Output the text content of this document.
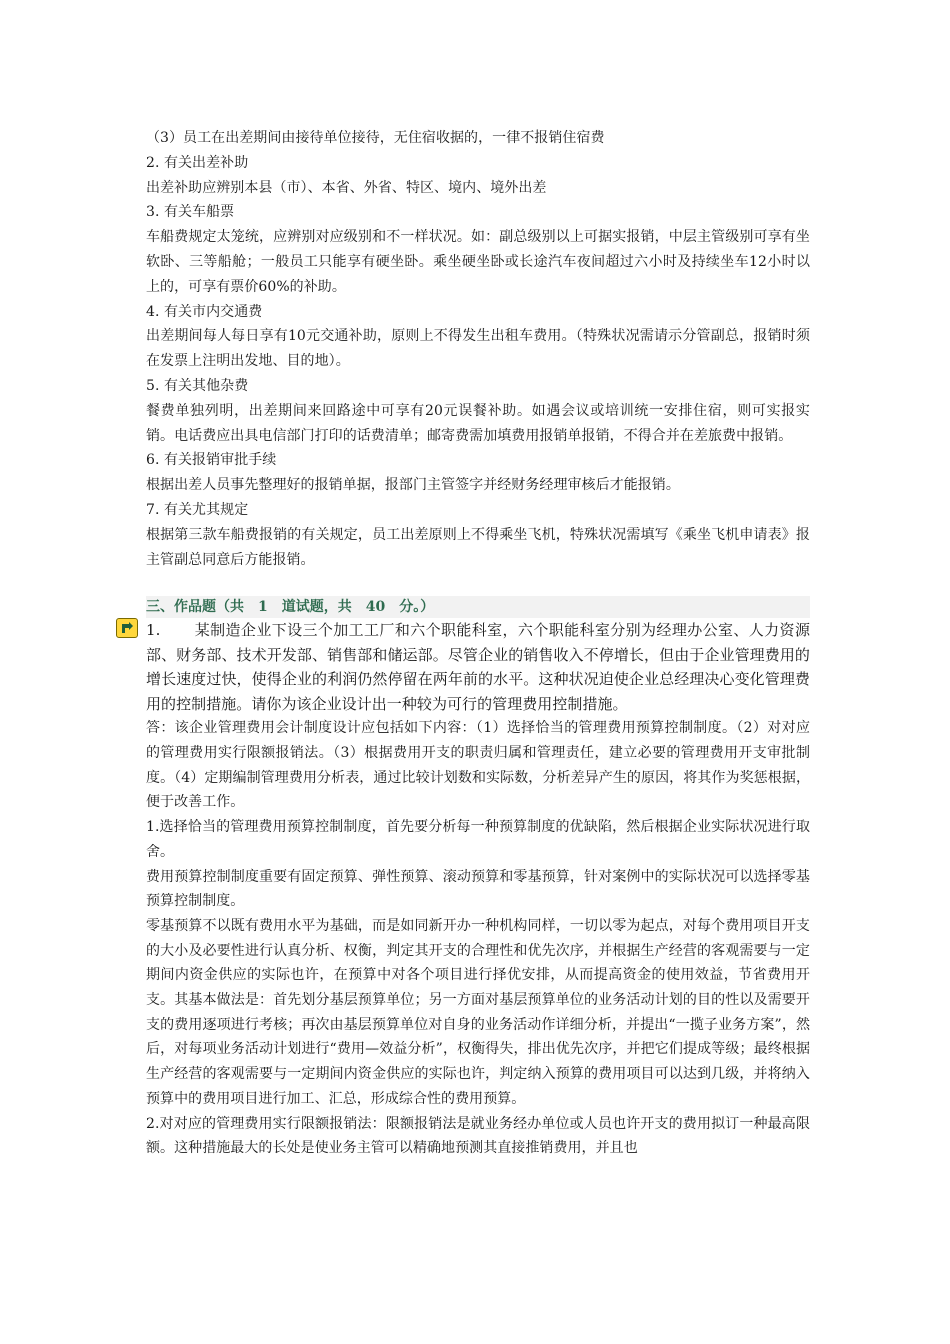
（3）员工在出差期间由接待单位接待，无住宿收据的，一律不报销住宿费

2. 有关出差补助

出差补助应辨别本县（市）、本省、外省、特区、境内、境外出差

3. 有关车船票

车船费规定太笼统，应辨别对应级别和不一样状况。如：副总级别以上可据实报销，中层主管级别可享有坐软卧、三等船舱；一般员工只能享有硬坐卧。乘坐硬坐卧或长途汽车夜间超过六小时及持续坐车12小时以上的，可享有票价60%的补助。

4. 有关市内交通费

出差期间每人每日享有10元交通补助，原则上不得发生出租车费用。（特殊状况需请示分管副总，报销时须在发票上注明出发地、目的地）。

5. 有关其他杂费

餐费单独列明，出差期间来回路途中可享有20元误餐补助。如遇会议或培训统一安排住宿，则可实报实销。电话费应出具电信部门打印的话费清单；邮寄费需加填费用报销单报销，不得合并在差旅费中报销。

6. 有关报销审批手续

根据出差人员事先整理好的报销单据，报部门主管签字并经财务经理审核后才能报销。

7. 有关尤其规定

根据第三款车船费报销的有关规定，员工出差原则上不得乘坐飞机，特殊状况需填写《乘坐飞机申请表》报主管副总同意后方能报销。

三、作品题（共　1　道试题，共　40　分。）

1. 某制造企业下设三个加工工厂和六个职能科室，六个职能科室分别为经理办公室、人力资源部、财务部、技术开发部、销售部和储运部。尽管企业的销售收入不停增长，但由于企业管理费用的增长速度过快，使得企业的利润仍然停留在两年前的水平。这种状况迫使企业总经理决心变化管理费用的控制措施。请你为该企业设计出一种较为可行的管理费用控制措施。

答：该企业管理费用会计制度设计应包括如下内容：（1）选择恰当的管理费用预算控制制度。（2）对对应的管理费用实行限额报销法。（3）根据费用开支的职责归属和管理责任，建立必要的管理费用开支审批制度。（4）定期编制管理费用分析表，通过比较计划数和实际数，分析差异产生的原因，将其作为奖惩根据，便于改善工作。

1.选择恰当的管理费用预算控制制度，首先要分析每一种预算制度的优缺陷，然后根据企业实际状况进行取舍。

费用预算控制制度重要有固定预算、弹性预算、滚动预算和零基预算，针对案例中的实际状况可以选择零基预算控制制度。

零基预算不以既有费用水平为基础，而是如同新开办一种机构同样，一切以零为起点，对每个费用项目开支的大小及必要性进行认真分析、权衡，判定其开支的合理性和优先次序，并根据生产经营的客观需要与一定期间内资金供应的实际也许，在预算中对各个项目进行择优安排，从而提高资金的使用效益，节省费用开支。其基本做法是：首先划分基层预算单位；另一方面对基层预算单位的业务活动计划的目的性以及需要开支的费用逐项进行考核；再次由基层预算单位对自身的业务活动作详细分析，并提出“一揽子业务方案”，然后，对每项业务活动计划进行“费用—效益分析”，权衡得失，排出优先次序，并把它们提成等级；最终根据生产经营的客观需要与一定期间内资金供应的实际也许，判定纳入预算的费用项目可以达到几级，并将纳入预算中的费用项目进行加工、汇总，形成综合性的费用预算。

2.对对应的管理费用实行限额报销法：限额报销法是就业务经办单位或人员也许开支的费用拟订一种最高限额。这种措施最大的长处是使业务主管可以精确地预测其直接推销费用，并且也
